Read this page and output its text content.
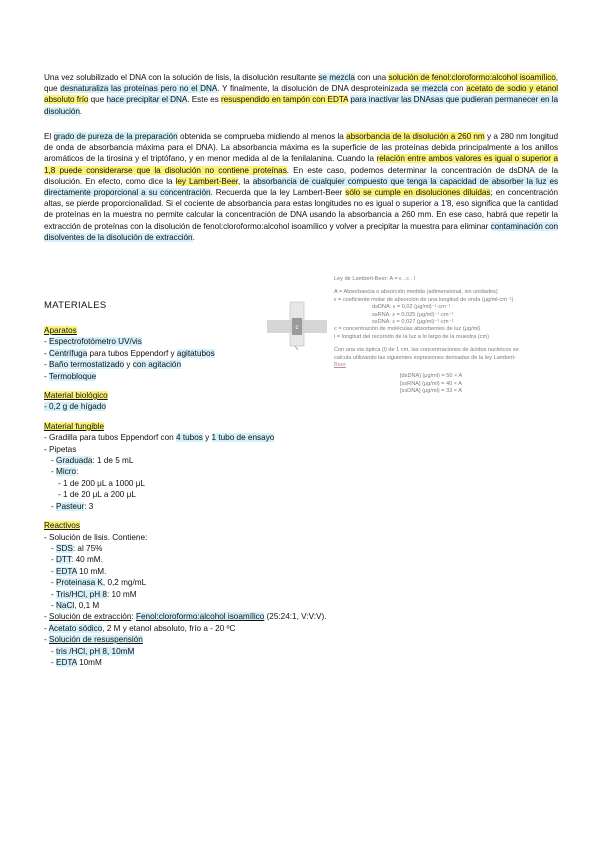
Una vez solubilizado el DNA con la solución de lisis, la disolución resultante se mezcla con una solución de fenol:cloroformo:alcohol isoamílico, que desnaturaliza las proteínas pero no el DNA. Y finalmente, la disolución de DNA desproteinizada se mezcla con acetato de sodio y etanol absoluto frío que hace precipitar el DNA. Este es resuspendido en tampón con EDTA para inactivar las DNAsas que pudieran permanecer en la disolución.

El grado de pureza de la preparación obtenida se comprueba midiendo al menos la absorbancia de la disolución a 260 nm y a 280 nm longitud de onda de absorbancia máxima para el DNA). La absorbancia máxima es la superficie de las proteínas debida principalmente a los anillos aromáticos de la tirosina y el triptófano, y en menor medida al de la fenilalanina. Cuando la relación entre ambos valores es igual o superior a 1,8 puede considerarse que la disolución no contiene proteínas. En este caso, podemos determinar la concentración de dsDNA de la disolución. En efecto, como dice la ley Lambert-Beer, la absorbancia de cualquier compuesto que tenga la capacidad de absorber la luz es directamente proporcional a su concentración. Recuerda que la ley Lambert-Beer sólo se cumple en disoluciones diluidas; en concentración altas, se pierde proporcionalidad. Si el cociente de absorbancia para estas longitudes no es igual o superior a 1'8, eso significa que la cantidad de proteínas en la muestra no permite calcular la concentración de DNA usando la absorbancia a 260 mm. En ese caso, habrá que repetir la extracción de proteínas con la disolución de fenol:cloroformo:alcohol isoamílico y volver a precipitar la muestra para eliminar contaminación con disolventes de la disolución de extracción.

MATERIALES
c
Ley de Lambert-Beer: A = ε . c . l
A = Absorbancia o absorción medida (adimensional, sin unidades)
ε = coeficiente molar de absorción de una longitud de onda (μg/ml·cm⁻¹)
dsDNA: ε = 0,02 (μg/ml)⁻¹·cm⁻¹
ssRNA: ε = 0,025 (μg/ml)⁻¹·cm⁻¹
ssDNA: ε = 0,027 (μg/ml)⁻¹·cm⁻¹
c = concentración de moléculas absorbentes de luz (μg/ml)
l = longitud del recorrido de la luz a lo largo de la muestra (cm)
Con una via óptica (l) de 1 cm, las concentraciones de ácidos nucleicos se
calcula utilizando las siguientes expresiones derivadas de la ley Lambert-
Beer
[dsDNA] (μg/ml) = 50 × A
[ssRNA] (μg/ml) = 40 × A
[ssDNA] (μg/ml) = 33 × A
Aparatos
- Espectrofotómetro UV/vis
- Centrífuga para tubos Eppendorf y agitatubos
- Baño termostatizado y con agitación
- Termobloque
Material biológico
- 0,2 g de hígado
Material fungible
- Gradilla para tubos Eppendorf con 4 tubos y 1 tubo de ensayo
- Pipetas
- Graduada: 1 de 5 mL
- Micro:
- 1 de 200 μL a 1000 μL
- 1 de 20 μL a 200 μL
- Pasteur: 3
Reactivos
- Solución de lisis. Contiene:
- SDS: al 75%
- DTT: 40 mM.
- EDTA 10 mM.
- Proteinasa K, 0,2 mg/mL
- Tris/HCl, pH 8: 10 mM
- NaCl, 0,1 M
- Solución de extracción: Fenol:cloroformo:alcohol isoamílico (25:24:1, V:V:V).
- Acetato sódico, 2 M y etanol absoluto, frío a - 20 ºC
- Solución de resuspensión
- tris /HCl, pH 8, 10mM
- EDTA 10mM
